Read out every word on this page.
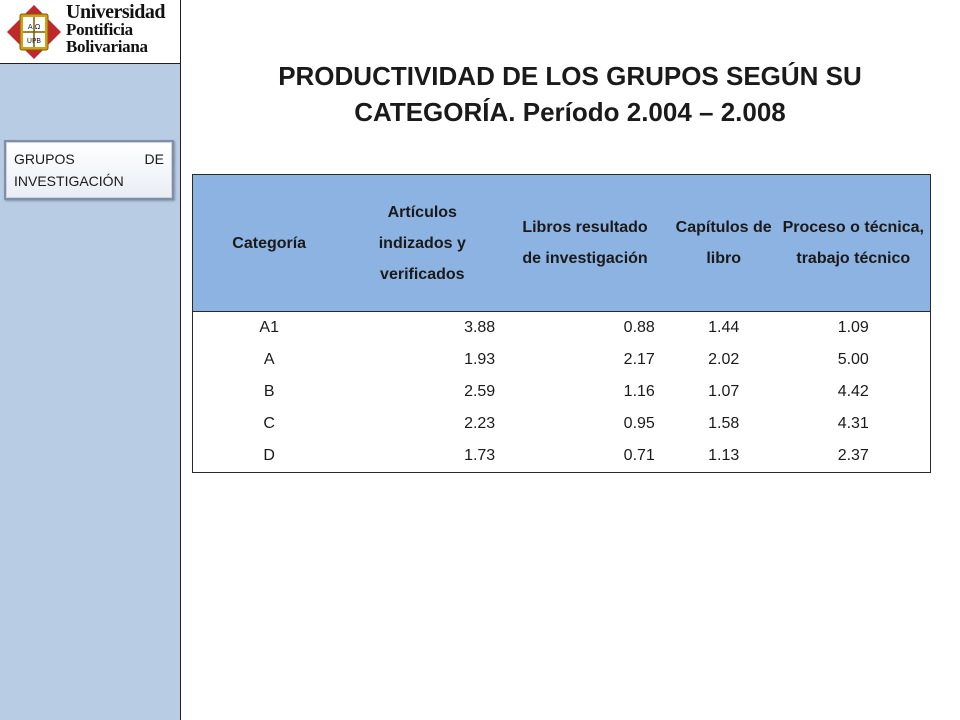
A Ω
UPB
Universidad
Pontificia
Bolivariana
GRUPOS	DE
INVESTIGACIÓN
PRODUCTIVIDAD DE LOS GRUPOS SEGÚN SU
CATEGORÍA. Período 2.004 – 2.008
Categoría	Artículos indizados y verificados	Libros resultado de investigación	Capítulos de libro	Proceso o técnica, trabajo técnico
A1	3.88	0.88	1.44	1.09
A	1.93	2.17	2.02	5.00
B	2.59	1.16	1.07	4.42
C	2.23	0.95	1.58	4.31
D	1.73	0.71	1.13	2.37
